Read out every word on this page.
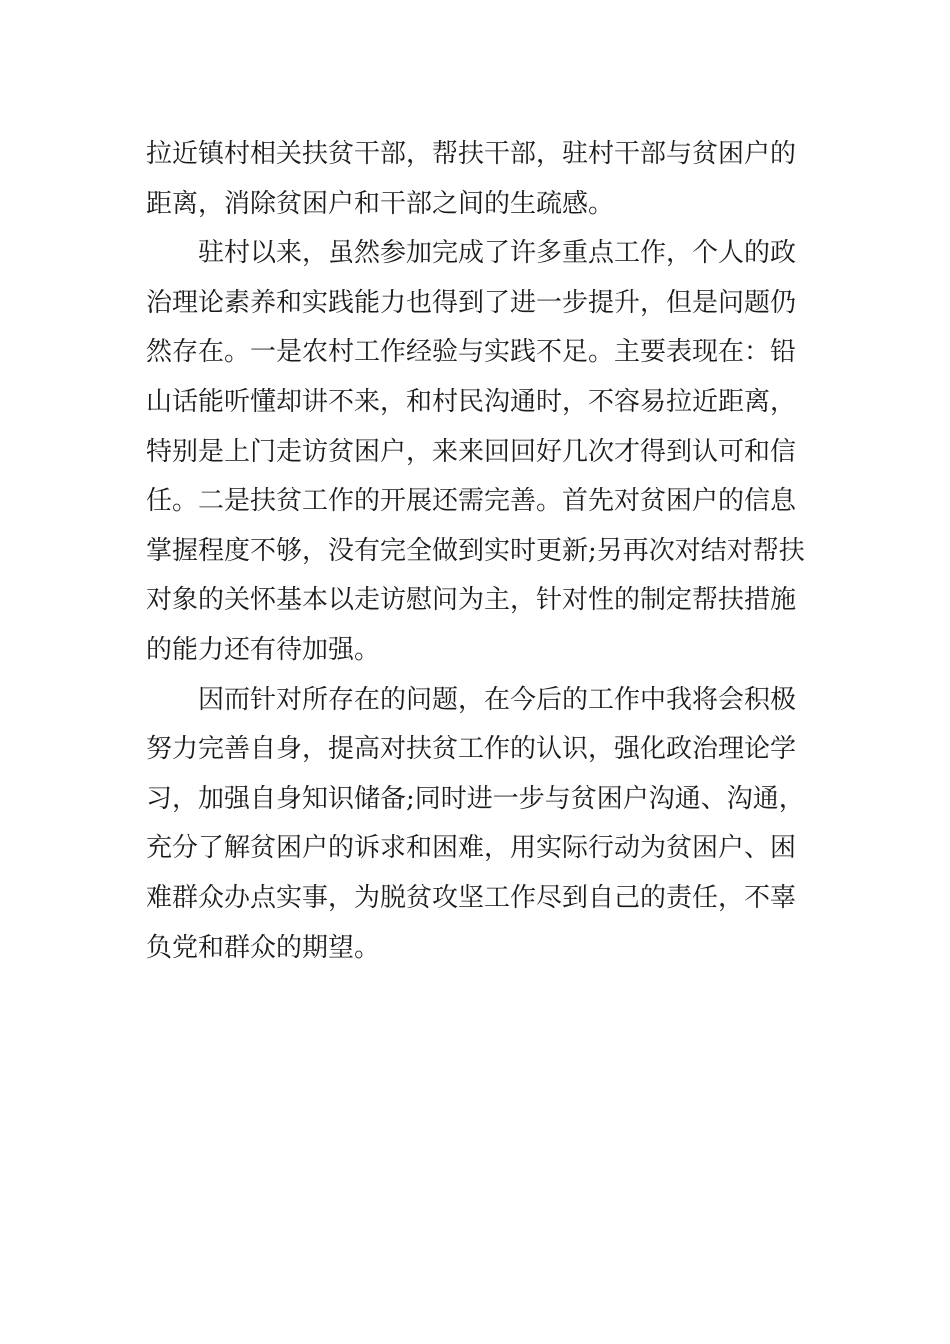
拉近镇村相关扶贫干部，帮扶干部，驻村干部与贫困户的
距离，消除贫困户和干部之间的生疏感。
驻村以来，虽然参加完成了许多重点工作，个人的政
治理论素养和实践能力也得到了进一步提升，但是问题仍
然存在。一是农村工作经验与实践不足。主要表现在：铅
山话能听懂却讲不来，和村民沟通时，不容易拉近距离，
特别是上门走访贫困户，来来回回好几次才得到认可和信
任。二是扶贫工作的开展还需完善。首先对贫困户的信息
掌握程度不够，没有完全做到实时更新;另再次对结对帮扶
对象的关怀基本以走访慰问为主，针对性的制定帮扶措施
的能力还有待加强。
因而针对所存在的问题，在今后的工作中我将会积极
努力完善自身，提高对扶贫工作的认识，强化政治理论学
习，加强自身知识储备;同时进一步与贫困户沟通、沟通，
充分了解贫困户的诉求和困难，用实际行动为贫困户、困
难群众办点实事，为脱贫攻坚工作尽到自己的责任，不辜
负党和群众的期望。
